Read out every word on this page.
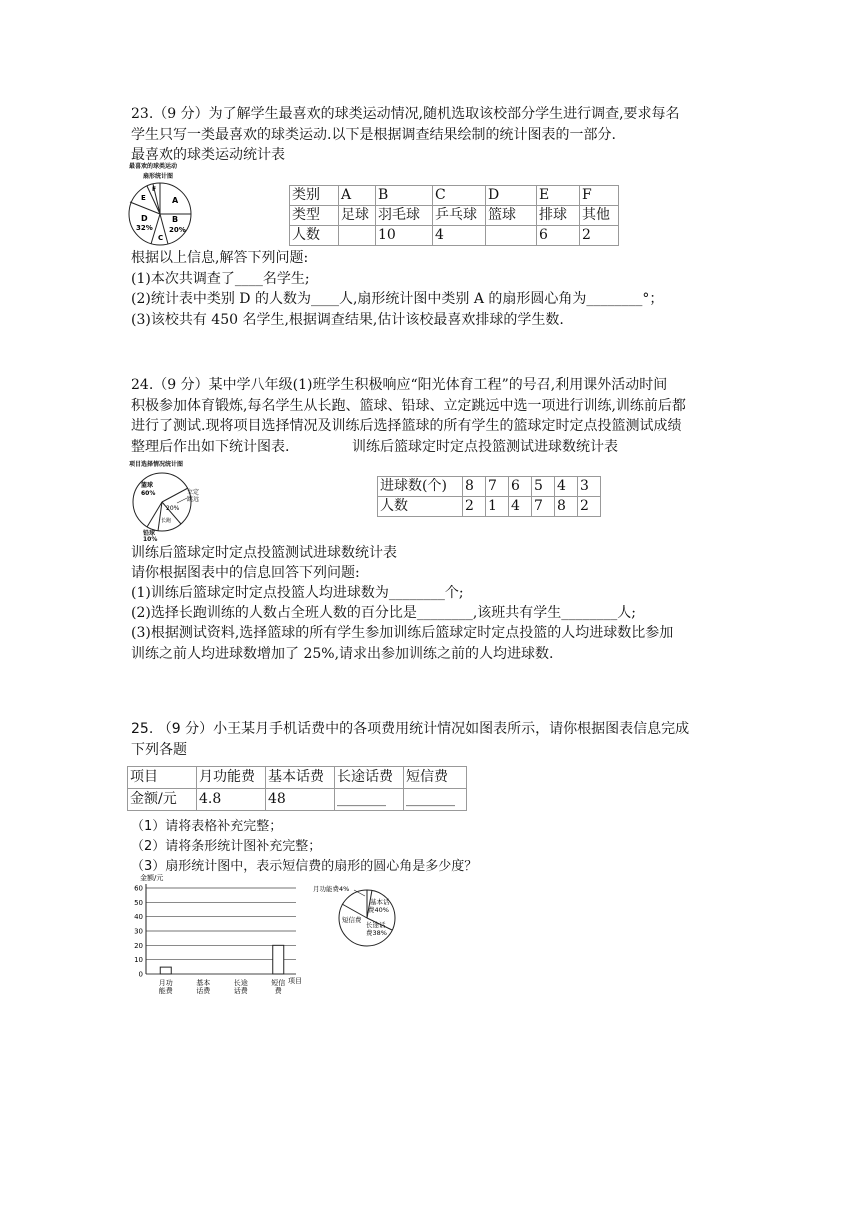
23.（9 分）为了解学生最喜欢的球类运动情况,随机选取该校部分学生进行调查,要求每名
学生只写一类最喜欢的球类运动.以下是根据调查结果绘制的统计图表的一部分.
最喜欢的球类运动统计表
最喜欢的球类运动
扇形统计图
A
B
20%
C
D
32%
E
F	类别	A	B	C	D	E	F
类型	足球	羽毛球	乒乓球	篮球	排球	其他
人数		10	4		6	2
根据以上信息,解答下列问题:
(1)本次共调查了____名学生;
(2)统计表中类别 D 的人数为____人,扇形统计图中类别 A 的扇形圆心角为________°；
(3)该校共有 450 名学生,根据调查结果,估计该校最喜欢排球的学生数.
24.（9 分）某中学八年级(1)班学生积极响应“阳光体育工程”的号召,利用课外活动时间
积极参加体育锻炼,每名学生从长跑、篮球、铅球、立定跳远中选一项进行训练,训练前后都
进行了测试.现将项目选择情况及训练后选择篮球的所有学生的篮球定时定点投篮测试成绩
整理后作出如下统计图表.	训练后篮球定时定点投篮测试进球数统计表
项目选择情况统计图
篮球
60%	立定
跳远
20%
长跑
铅球
10%
进球数(个)	8	7	6	5	4	3
人数	2	1	4	7	8	2
训练后篮球定时定点投篮测试进球数统计表
请你根据图表中的信息回答下列问题:
(1)训练后篮球定时定点投篮人均进球数为________个;
(2)选择长跑训练的人数占全班人数的百分比是________,该班共有学生________人;
(3)根据测试资料,选择篮球的所有学生参加训练后篮球定时定点投篮的人均进球数比参加
训练之前人均进球数增加了 25%,请求出参加训练之前的人均进球数.
25. （9 分）小王某月手机话费中的各项费用统计情况如图表所示，请你根据图表信息完成
下列各题
项目	月功能费	基本话费	长途话费	短信费
金额/元	4.8	48	_______	_______
（1）请将表格补充完整；
（2）请将条形统计图补充完整；
（3）扇形统计图中，表示短信费的扇形的圆心角是多少度？
金额/元
0
10
20
30
40
50
60
月功
能费
基本
话费
长途
话费
短信
费
项目
月功能费4%
基本话
费40%
短信费
长途话
费38%
